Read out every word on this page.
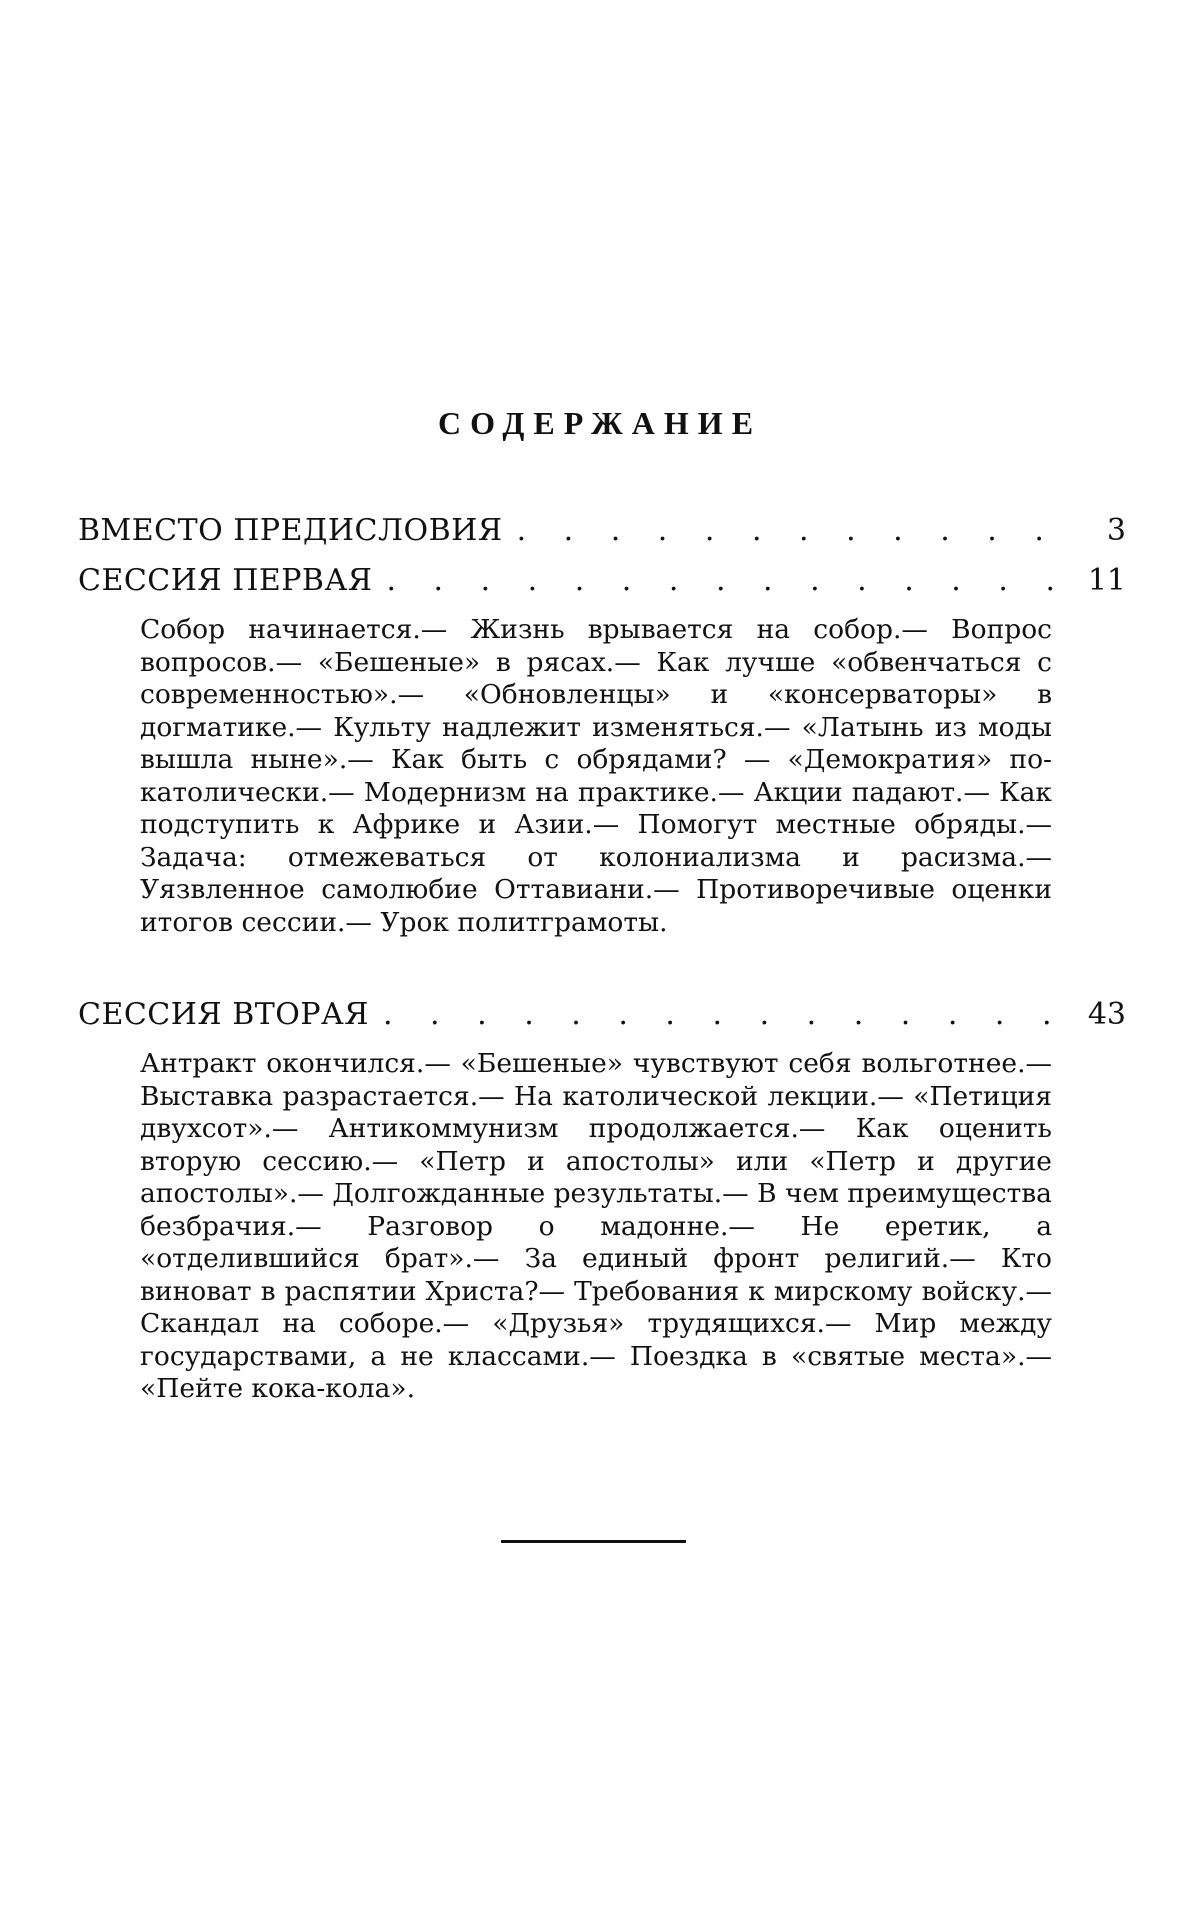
СОДЕРЖАНИЕ
ВМЕСТО ПРЕДИСЛОВИЯ . . .	3
СЕССИЯ ПЕРВАЯ . . .	11

Собор начинается.— Жизнь врывается на собор.— Вопрос вопросов.— «Бешеные» в рясах.— Как лучше «обвенчаться с современностью».— «Обновленцы» и «консерваторы» в догматике.— Культу надлежит изменяться.— «Латынь из моды вышла ныне».— Как быть с обрядами? — «Демократия» по-католически.— Модернизм на практике.— Акции падают.— Как подступить к Африке и Азии.— Помогут местные обряды.— Задача: отмежеваться от колониализма и расизма.— Уязвленное самолюбие Оттавиани.— Противоречивые оценки итогов сессии.— Урок политграмоты.

СЕССИЯ ВТОРАЯ . . .	43

Антракт окончился.— «Бешеные» чувствуют себя вольготнее.— Выставка разрастается.— На католической лекции.— «Петиция двухсот».— Антикоммунизм продолжается.— Как оценить вторую сессию.— «Петр и апостолы» или «Петр и другие апостолы».— Долгожданные результаты.— В чем преимущества безбрачия.— Разговор о мадонне.— Не еретик, а «отделившийся брат».— За единый фронт религий.— Кто виноват в распятии Христа?— Требования к мирскому войску.— Скандал на соборе.— «Друзья» трудящихся.— Мир между государствами, а не классами.— Поездка в «святые места».— «Пейте кока-кола».
